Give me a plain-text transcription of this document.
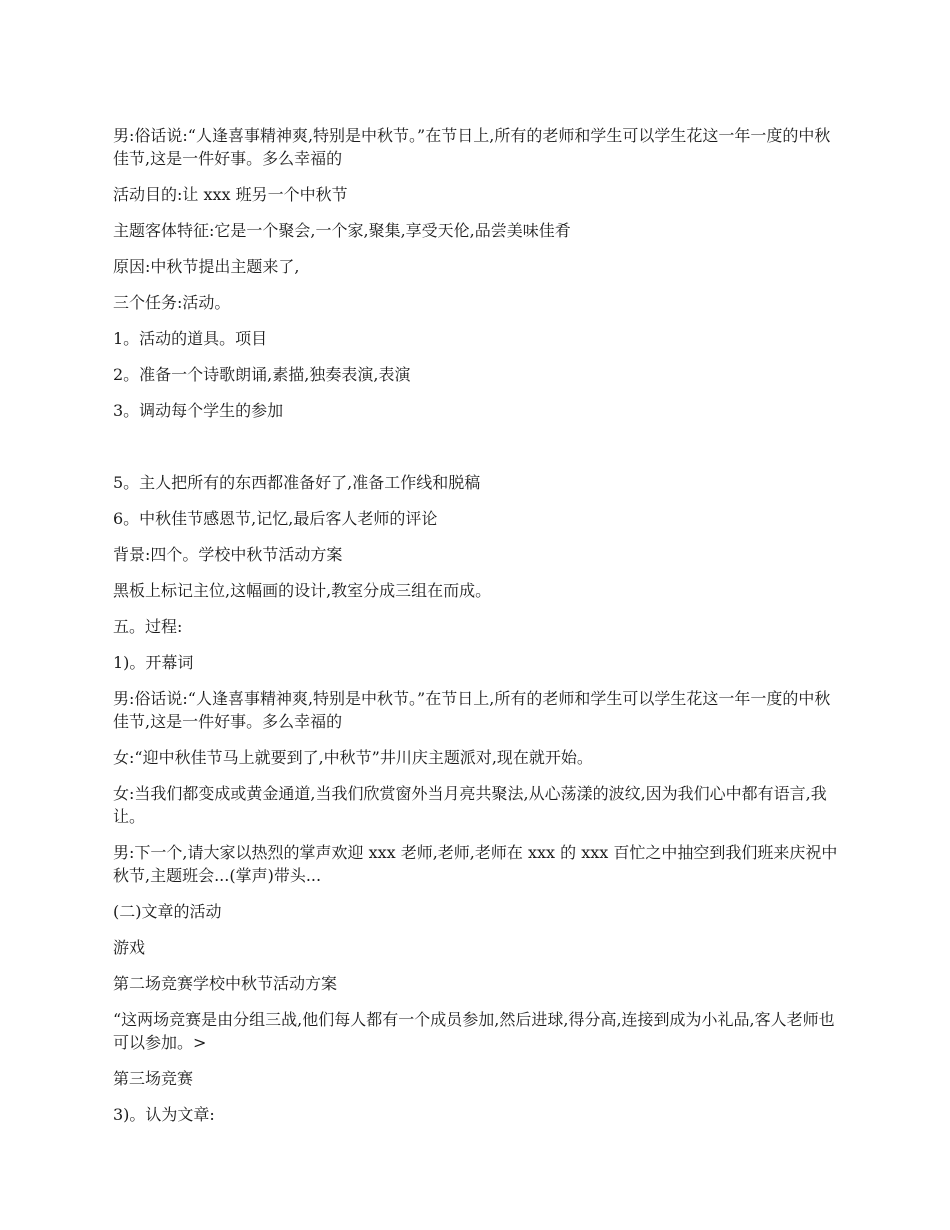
男:俗话说:“人逢喜事精神爽,特别是中秋节。”在节日上,所有的老师和学生可以学生花这一年一度的中秋佳节,这是一件好事。多么幸福的

活动目的:让 xxx 班另一个中秋节

主题客体特征:它是一个聚会,一个家,聚集,享受天伦,品尝美味佳肴

原因:中秋节提出主题来了,

三个任务:活动。

1。活动的道具。项目

2。准备一个诗歌朗诵,素描,独奏表演,表演

3。调动每个学生的参加

5。主人把所有的东西都准备好了,准备工作线和脱稿

6。中秋佳节感恩节,记忆,最后客人老师的评论

背景:四个。学校中秋节活动方案

黑板上标记主位,这幅画的设计,教室分成三组在而成。

五。过程:

1)。开幕词

男:俗话说:“人逢喜事精神爽,特别是中秋节。”在节日上,所有的老师和学生可以学生花这一年一度的中秋佳节,这是一件好事。多么幸福的

女:“迎中秋佳节马上就要到了,中秋节”井川庆主题派对,现在就开始。

女:当我们都变成或黄金通道,当我们欣赏窗外当月亮共聚法,从心荡漾的波纹,因为我们心中都有语言,我让。

男:下一个,请大家以热烈的掌声欢迎 xxx 老师,老师,老师在 xxx 的 xxx 百忙之中抽空到我们班来庆祝中秋节,主题班会...(掌声)带头...

(二)文章的活动

游戏

第二场竞赛学校中秋节活动方案

“这两场竞赛是由分组三战,他们每人都有一个成员参加,然后进球,得分高,连接到成为小礼品,客人老师也可以参加。>

第三场竞赛

3)。认为文章:
